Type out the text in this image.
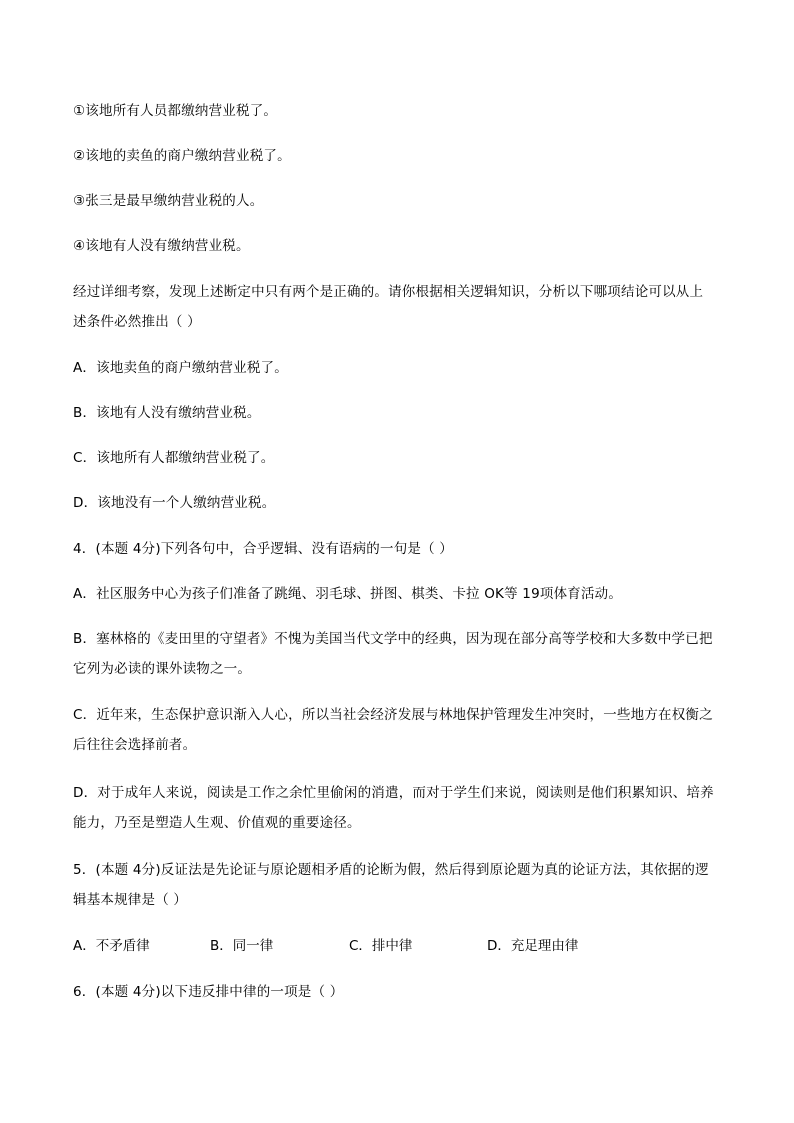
①该地所有人员都缴纳营业税了。
②该地的卖鱼的商户缴纳营业税了。
③张三是最早缴纳营业税的人。
④该地有人没有缴纳营业税。
经过详细考察，发现上述断定中只有两个是正确的。请你根据相关逻辑知识，分析以下哪项结论可以从上
述条件必然推出（ ）
A．该地卖鱼的商户缴纳营业税了。
B．该地有人没有缴纳营业税。
C．该地所有人都缴纳营业税了。
D．该地没有一个人缴纳营业税。
4．(本题 4分)下列各句中，合乎逻辑、没有语病的一句是（ ）
A．社区服务中心为孩子们准备了跳绳、羽毛球、拼图、棋类、卡拉 OK等 19项体育活动。
B．塞林格的《麦田里的守望者》不愧为美国当代文学中的经典，因为现在部分高等学校和大多数中学已把
它列为必读的课外读物之一。
C．近年来，生态保护意识渐入人心，所以当社会经济发展与林地保护管理发生冲突时，一些地方在权衡之
后往往会选择前者。
D．对于成年人来说，阅读是工作之余忙里偷闲的消遣，而对于学生们来说，阅读则是他们积累知识、培养
能力，乃至是塑造人生观、价值观的重要途径。
5．(本题 4分)反证法是先论证与原论题相矛盾的论断为假，然后得到原论题为真的论证方法，其依据的逻
辑基本规律是（ ）
A．不矛盾律	B．同一律	C．排中律	D．充足理由律
6．(本题 4分)以下违反排中律的一项是（ ）
